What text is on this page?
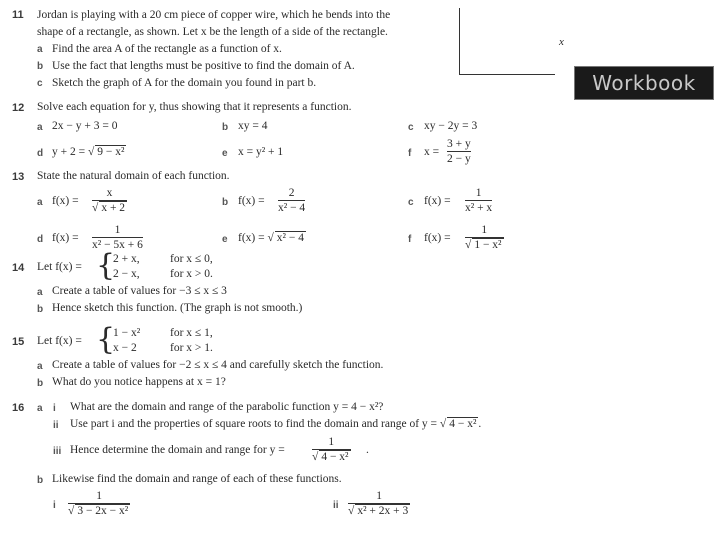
x
Workbook
11 Jordan is playing with a 20 cm piece of copper wire, which he bends into the
shape of a rectangle, as shown. Let x be the length of a side of the rectangle.
a Find the area A of the rectangle as a function of x.
b Use the fact that lengths must be positive to find the domain of A.
c Sketch the graph of A for the domain you found in part b.
12 Solve each equation for y, thus showing that it represents a function.
a 2x − y + 3 = 0	b xy = 4	c xy − 2y = 3
d y + 2 = √ 9 − x²	e x = y² + 1	f x =
3 + y
2 − y
13 State the natural domain of each function.
a f(x) =
x
√ x + 2	b f(x) =
2
x² − 4	c f(x) =
1
x² + x
d f(x) =
1
x² − 5x + 6	e f(x) = √ x² − 4	f f(x) =
1
√ 1 − x²
14 Let f(x) = {
2 + x,	for x ≤ 0,
2 − x,	for x > 0.
a Create a table of values for −3 ≤ x ≤ 3
b Hence sketch this function. (The graph is not smooth.)
15 Let f(x) = {
1 − x²	for x ≤ 1,
x − 2	for x > 1.
a Create a table of values for −2 ≤ x ≤ 4 and carefully sketch the function.
b What do you notice happens at x = 1?
16 a i What are the domain and range of the parabolic function y = 4 − x²?
ii Use part i and the properties of square roots to find the domain and range of y = √ 4 − x² .
iii Hence determine the domain and range for y =
1
√ 4 − x²
.
b Likewise find the domain and range of each of these functions.
i
1
√ 3 − 2x − x²	ii
1
√ x² + 2x + 3
